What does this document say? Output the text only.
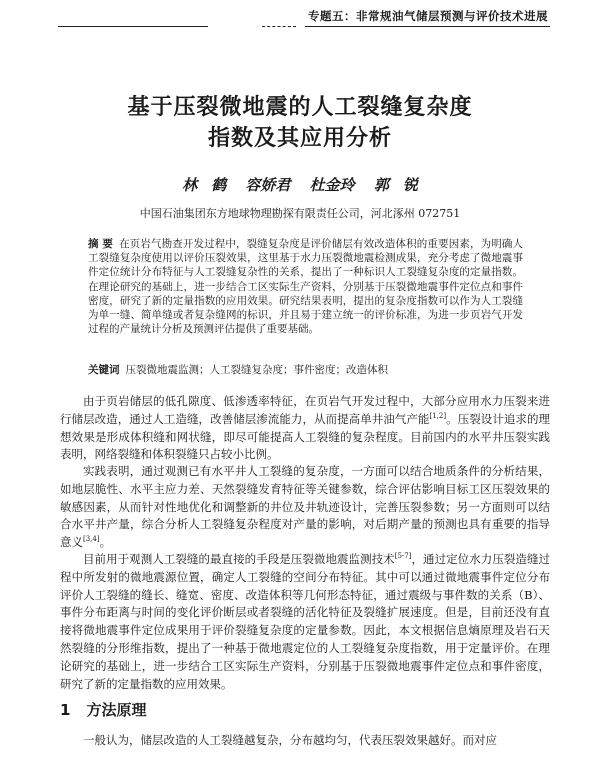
专题五：非常规油气储层预测与评价技术进展
基于压裂微地震的人工裂缝复杂度
指数及其应用分析
林 鹤 容娇君 杜金玲 郭 锐
中国石油集团东方地球物理勘探有限责任公司，河北涿州 072751
摘 要 在页岩气勘查开发过程中，裂缝复杂度是评价储层有效改造体积的重要因素，为明确人工裂缝复杂度使用以评价压裂效果，这里基于水力压裂微地震检测成果，充分考虑了微地震事件定位统计分布特征与人工裂缝复杂性的关系，提出了一种标识人工裂缝复杂度的定量指数。在理论研究的基础上，进一步结合工区实际生产资料，分别基于压裂微地震事件定位点和事件密度，研究了新的定量指数的应用效果。研究结果表明，提出的复杂度指数可以作为人工裂缝为单一缝、简单缝或者复杂缝网的标识，并且易于建立统一的评价标准，为进一步页岩气开发过程的产量统计分析及预测评估提供了重要基础。
关键词 压裂微地震监测；人工裂缝复杂度；事件密度；改造体积

由于页岩储层的低孔隙度、低渗透率特征，在页岩气开发过程中，大部分应用水力压裂来进行储层改造，通过人工造缝，改善储层渗流能力，从而提高单井油气产能[1,2]。压裂设计追求的理想效果是形成体积缝和网状缝，即尽可能提高人工裂缝的复杂程度。目前国内的水平井压裂实践表明，网络裂缝和体积裂缝只占较小比例。

实践表明，通过观测已有水平井人工裂缝的复杂度，一方面可以结合地质条件的分析结果，如地层脆性、水平主应力差、天然裂缝发育特征等关键参数，综合评估影响目标工区压裂效果的敏感因素，从而针对性地优化和调整新的井位及井轨迹设计，完善压裂参数；另一方面则可以结合水平井产量，综合分析人工裂缝复杂程度对产量的影响，对后期产量的预测也具有重要的指导意义[3,4]。

目前用于观测人工裂缝的最直接的手段是压裂微地震监测技术[5-7]，通过定位水力压裂造缝过程中所发射的微地震源位置，确定人工裂缝的空间分布特征。其中可以通过微地震事件定位分布评价人工裂缝的缝长、缝宽、密度、改造体积等几何形态特征，通过震级与事件数的关系（B）、事件分布距离与时间的变化评价断层或者裂缝的活化特征及裂缝扩展速度。但是，目前还没有直接将微地震事件定位成果用于评价裂缝复杂度的定量参数。因此，本文根据信息熵原理及岩石天然裂缝的分形维指数，提出了一种基于微地震定位的人工裂缝复杂度指数，用于定量评价。在理论研究的基础上，进一步结合工区实际生产资料，分别基于压裂微地震事件定位点和事件密度，研究了新的定量指数的应用效果。

1 方法原理

一般认为，储层改造的人工裂缝越复杂，分布越均匀，代表压裂效果越好。而对应
